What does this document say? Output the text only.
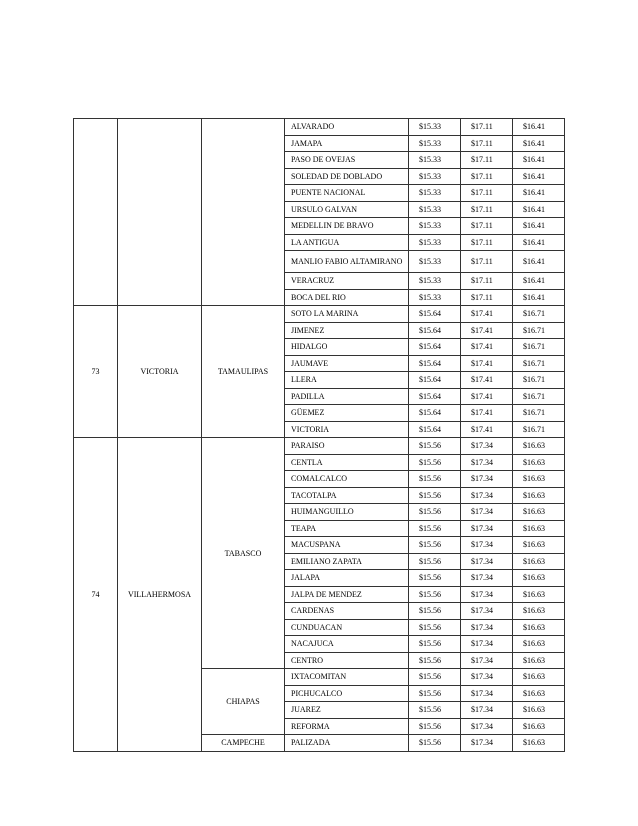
			ALVARADO	$15.33	$17.11	$16.41
			JAMAPA	$15.33	$17.11	$16.41
			PASO DE OVEJAS	$15.33	$17.11	$16.41
			SOLEDAD DE DOBLADO	$15.33	$17.11	$16.41
			PUENTE NACIONAL	$15.33	$17.11	$16.41
			URSULO GALVAN	$15.33	$17.11	$16.41
			MEDELLIN DE BRAVO	$15.33	$17.11	$16.41
			LA ANTIGUA	$15.33	$17.11	$16.41
			MANLIO FABIO ALTAMIRANO	$15.33	$17.11	$16.41
			VERACRUZ	$15.33	$17.11	$16.41
			BOCA DEL RIO	$15.33	$17.11	$16.41
73	VICTORIA	TAMAULIPAS	SOTO LA MARINA	$15.64	$17.41	$16.71
			JIMENEZ	$15.64	$17.41	$16.71
			HIDALGO	$15.64	$17.41	$16.71
			JAUMAVE	$15.64	$17.41	$16.71
			LLERA	$15.64	$17.41	$16.71
			PADILLA	$15.64	$17.41	$16.71
			GÜEMEZ	$15.64	$17.41	$16.71
			VICTORIA	$15.64	$17.41	$16.71
74	VILLAHERMOSA	TABASCO	PARAISO	$15.56	$17.34	$16.63
			CENTLA	$15.56	$17.34	$16.63
			COMALCALCO	$15.56	$17.34	$16.63
			TACOTALPA	$15.56	$17.34	$16.63
			HUIMANGUILLO	$15.56	$17.34	$16.63
			TEAPA	$15.56	$17.34	$16.63
			MACUSPANA	$15.56	$17.34	$16.63
			EMILIANO ZAPATA	$15.56	$17.34	$16.63
			JALAPA	$15.56	$17.34	$16.63
			JALPA DE MENDEZ	$15.56	$17.34	$16.63
			CARDENAS	$15.56	$17.34	$16.63
			CUNDUACAN	$15.56	$17.34	$16.63
			NACAJUCA	$15.56	$17.34	$16.63
			CENTRO	$15.56	$17.34	$16.63
		CHIAPAS	IXTACOMITAN	$15.56	$17.34	$16.63
			PICHUCALCO	$15.56	$17.34	$16.63
			JUAREZ	$15.56	$17.34	$16.63
			REFORMA	$15.56	$17.34	$16.63
		CAMPECHE	PALIZADA	$15.56	$17.34	$16.63
